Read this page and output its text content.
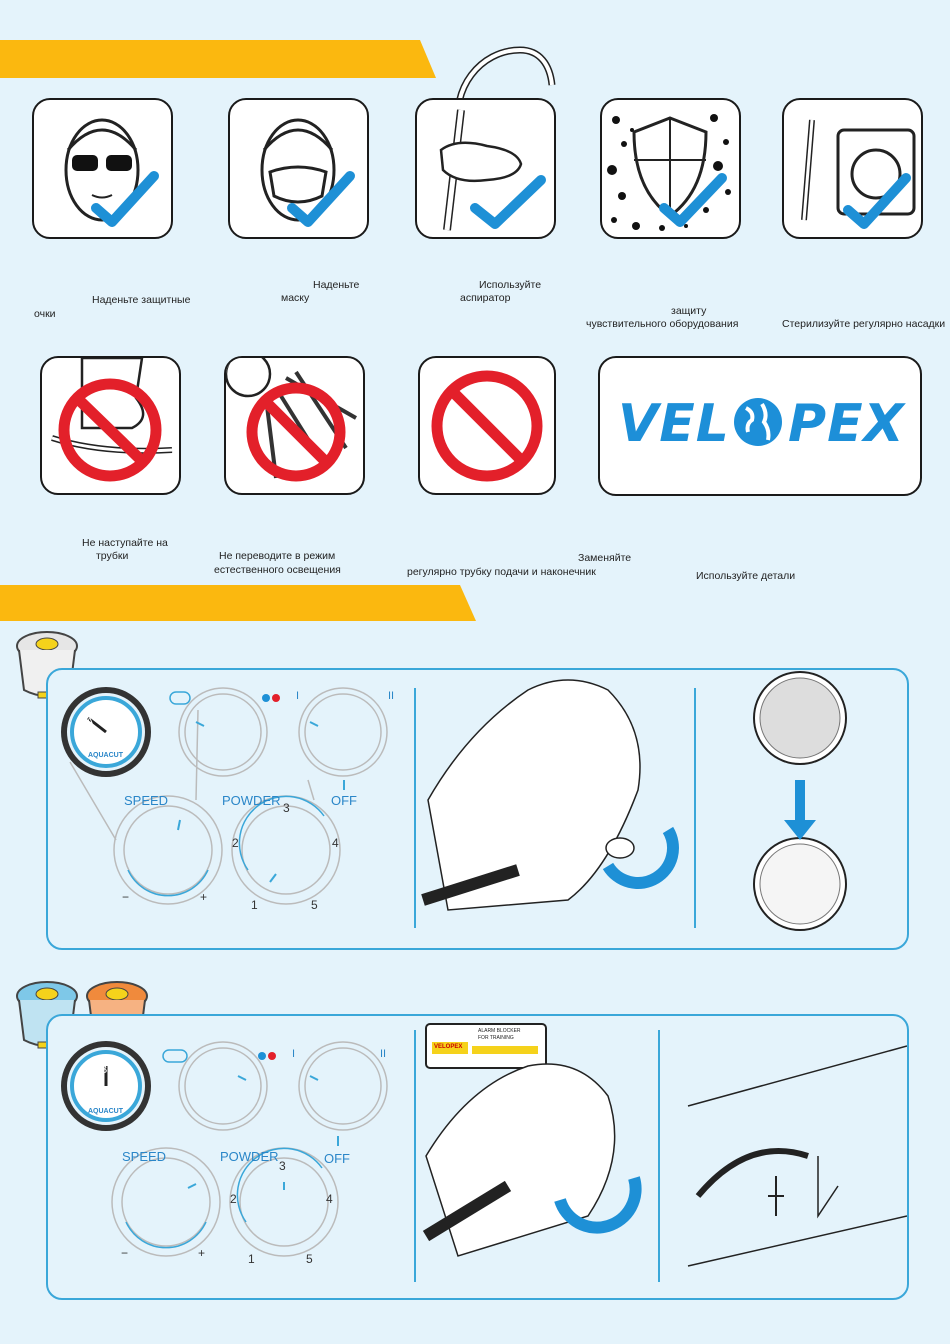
Наденьте защитные
очки
Наденьте
маску
Используйте
аспиратор
защиту
чувствительного оборудования	Стерилизуйте регулярно насадки
VEL PEX
Не наступайте на
трубки	Не переводите в режим
естественного освещения
Заменяйте
регулярно трубку подачи и наконечник	Используйте детали
A B C
AQUACUT
I	II
SPEED	POWDER	OFF
−	+
1
2
3
4
5
VELOPEX
ALARM BLOCKER
FOR TRAINING
A B C
AQUACUT
I	II
SPEED	POWDER	OFF
−	+	1
2
3
4
5
